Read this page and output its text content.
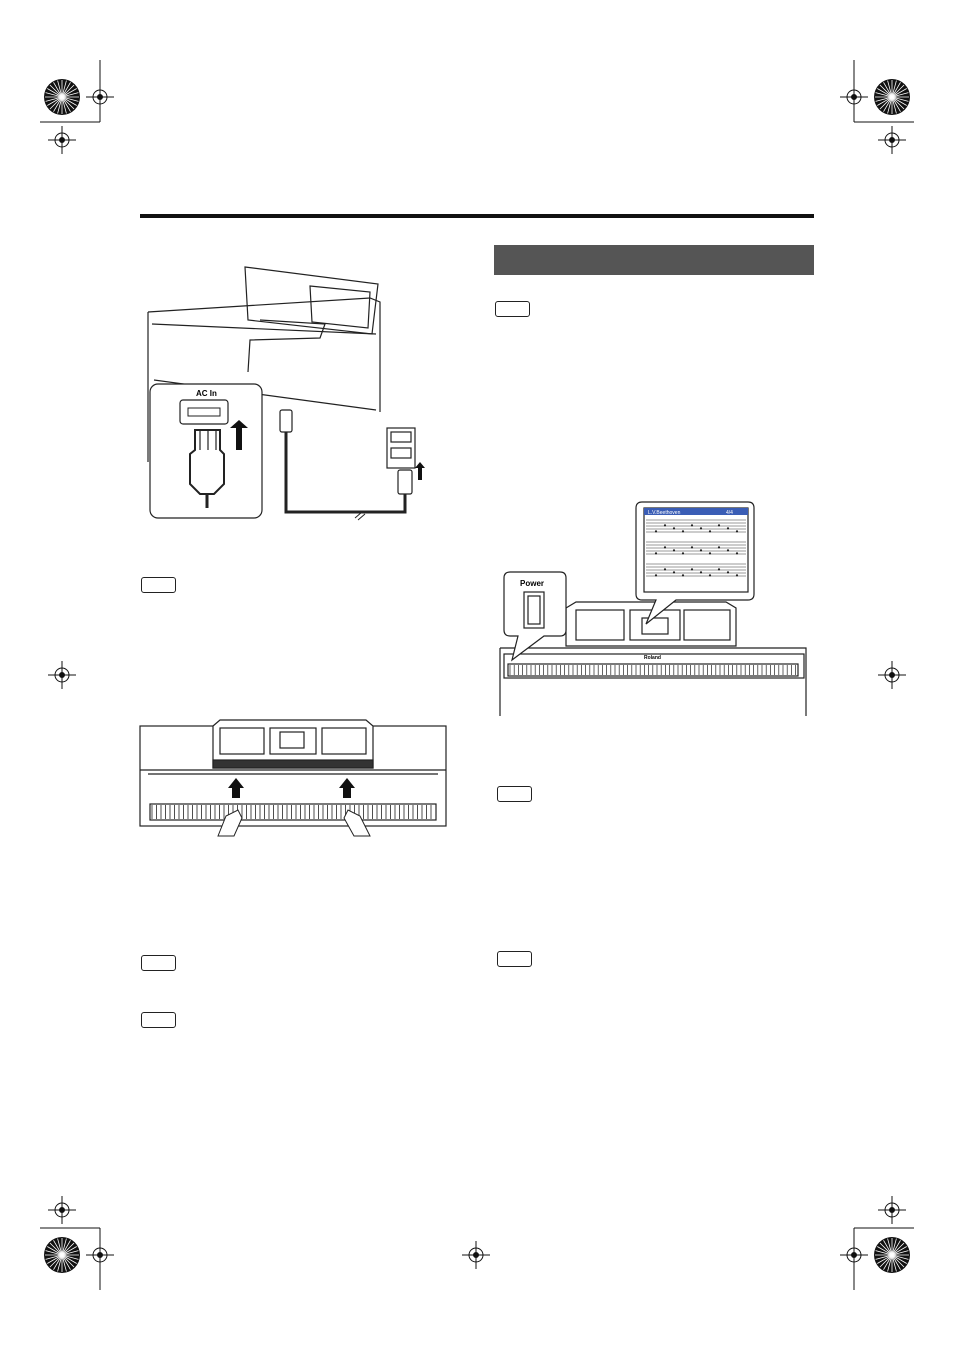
AC In
Power
Roland
L.V.Beethoven	4/4
